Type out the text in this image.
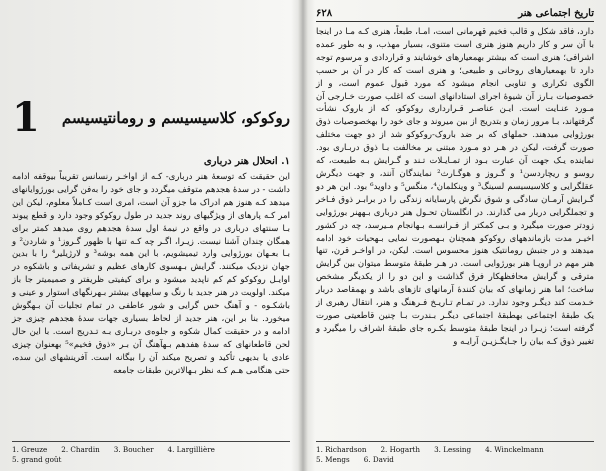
روکوکو، کلاسیسیسم و رومانتیسیسم
1
۱. انحلال هنر درباری

این حقیقت که توسعۀ هنر درباری- کـه از اواخـر رنسانس تقریباً بیوقفه ادامه داشت - در سدۀ هجدهم متوقف میگردد و جای خود را به‌فن گرایی بورژوایانهای میدهد کـه هنوز هم ادراک ما جزو آن است، امری است کـاملاً معلوم، لیکن این امر کـه پارهای از ویژگیهای روند جدید در طول روکوکو وجود دارد و قطع پیوند بـا سنتهای درباری در واقع در نیمۀ اول سدۀ هجدهم روی میدهد کمتر برای همگان چندان آشنا نیست. زیـرا، اگـر چه کـه تنها با ظهور گـروز¹ و شاردن² و بـا بعـهان بورژوایی وارد تیمیشویم، با این همه بوشه³ و لارژیلیر⁴ را با بدین جهان نزدیک میکنند. گرایش بـهسوی کارهای عظیم و تشریفاتی و باشکوه در اوایـل روکوکو کم کم ناپدید میشود و برای کیفیتی ظریفتر و صمیمیتر جا باز میکند. اولویت در هنر جدید با رنگ و سایههای بیشتر بـهرنگهای استوار و عینی و باشکـوه - و آهنگ حس گرایی و شور عاطفی در تمام تجلیات آن بـهگوش میخورد. بنا بر این، هنر جدید از لحاظ بسیاری جهات سدۀ هجدهم چیزی جز ادامه و در حقیقت کمال شکوه و جلوه‌ی دربـاری بـه تـدریج است. با این حال لحن قاطعانهای که سدۀ هفدهم بـهآهنگ آن بـر «ذوق فخیم»⁵ بهعنوان چیزی عادی یا بدیهی تأکید و تصریح میکند آن را بیگانه است. آفرینشهای این سده، حتی هنگامی هـم کـه نظر بـهالاترین طبقات جامعه

1. Greuze 2. Chardin 3. Boucher 4. Largillière
5. grand goût
تاریخ اجتماعی هنر
۶۲۸

دارد، فاقد شکل و قالب فخیم قهرمانی است، امـا، طبعاً، هنری کـه مـا در اینجا با آن سر و کار داریم هنوز هنری است متنوی، بسیار مهذب، و به طور عمده اشرافی؛ هنری است که بیشتر بهمعیارهای خوشایند و قراردادی و مرسوم توجه دارد تا بهمعیارهای روحانی و طبیعی؛ و هنری است که کار در آن بر حسب الگوی تکراری و تناوبی انجام میشود که مورد قبول عموم است، و از خصوصیات بـارز آن شیوۀ اجرای استادانهای است که اغلب صورت خـارجی آن مـورد عنـایت است. ایـن عناصـر قـرارداری روکوکو، که از باروک نشأت گرفتهاند، بـا مرور زمان و بتدریج از بین میروند و جای خود را بهخصوصیات ذوق بورژوایی میدهند. حملهای که بر ضد باروک-روکوکو شد از دو جهت مختلف صورت گرفت، لیکن در هـر دو مـورد مبتنی بر مخالفت بـا ذوق دربـاری بود. نماینده یـک جهت آن عبارت بـود از تمـایـلات تـند و گـرایش بـه طبیعت، که روسو و ریچاردسن¹ و گـروز و هوگـارث² نمایندگان آنند، و جهت دیگرش عقلگرایی و کلاسیسیسم لسینگ³ و وینکلمان⁴، منگس⁵ و داوید⁶ بود. این هر دو گـرایش آرمـان سادگی و شوق نگرش پارسایانه زندگی را در برابـر ذوق فـاخر و تجملگرایی دربار می گذارند. در انگلستان تحـول هنر درباری بـههنر بورژوایی زودتر صورت میگیرد و بـی کمکتر از فـرانسـه بـهانجام مـیرسد، چه در کشور اخیـر مدت بازماندههای روکوکو همچنان بـهصورت نمایی بـهحیات خود ادامه میدهند و در جنبش رومانتیک هنوز محسوس است. لیکن، در اواخـر قرن، تنها هنر مهم در اروپـا هنر بورژوایی است. در هـر طبقۀ متوسط میتوان بین گرایش مترقی و گرایش محافظهکار فرق گذاشت و این دو را از یکدیگر مشخص ساخت؛ اما هنر زمانهای که بیان کنندۀ آرمانهای تازهای باشد و بهمقاصد دربار خـدمت کند دیگـر وجود ندارد. در تمـام تـاریـخ فـرهنگ و هنر، انتقال رهبری از یک طبقۀ اجتماعی بهطبقۀ اجتماعی دیگـر بـندرت بـا چنین قاطعیتی صورت گرفته است؛ زیـرا در اینجا طبقۀ متوسط بکـره جای طبقۀ اشراف را میگیرد و تغییر ذوق کـه بیان را جـایگـزیـن آرایـه و

1. Richardson 2. Hogarth 3. Lessing 4. Winckelmann
5. Mengs 6. David
